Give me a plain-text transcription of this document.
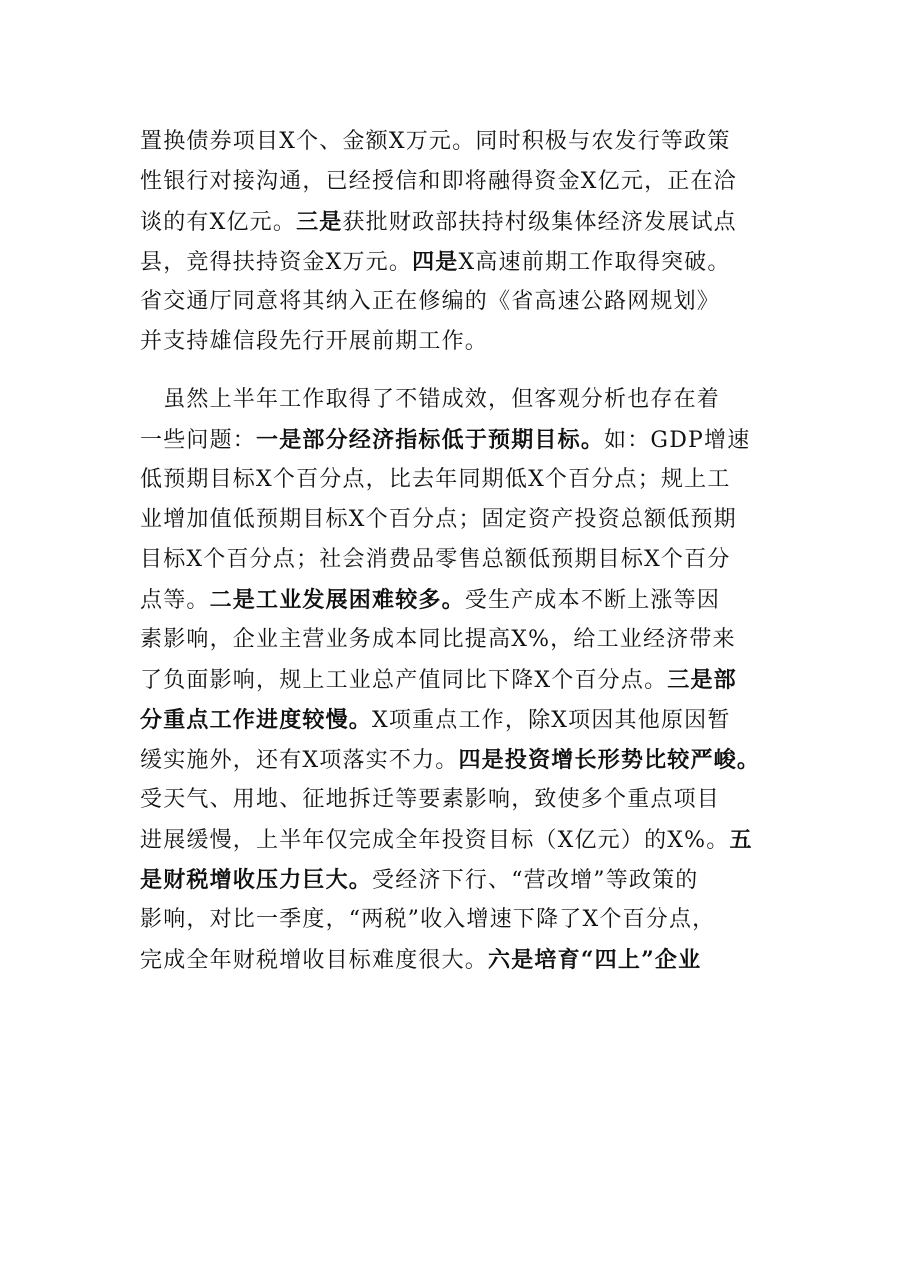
置换债券项目X个、金额X万元。同时积极与农发行等政策
性银行对接沟通，已经授信和即将融得资金X亿元，正在洽
谈的有X亿元。三是获批财政部扶持村级集体经济发展试点
县，竞得扶持资金X万元。四是X高速前期工作取得突破。
省交通厅同意将其纳入正在修编的《省高速公路网规划》
并支持雄信段先行开展前期工作。
　虽然上半年工作取得了不错成效，但客观分析也存在着
一些问题：一是部分经济指标低于预期目标。如：GDP增速
低预期目标X个百分点，比去年同期低X个百分点；规上工
业增加值低预期目标X个百分点；固定资产投资总额低预期
目标X个百分点；社会消费品零售总额低预期目标X个百分
点等。二是工业发展困难较多。受生产成本不断上涨等因
素影响，企业主营业务成本同比提高X%，给工业经济带来
了负面影响，规上工业总产值同比下降X个百分点。三是部
分重点工作进度较慢。X项重点工作，除X项因其他原因暂
缓实施外，还有X项落实不力。四是投资增长形势比较严峻。
受天气、用地、征地拆迁等要素影响，致使多个重点项目
进展缓慢，上半年仅完成全年投资目标（X亿元）的X%。五
是财税增收压力巨大。受经济下行、“营改增”等政策的
影响，对比一季度，“两税”收入增速下降了X个百分点，
完成全年财税增收目标难度很大。六是培育“四上”企业
